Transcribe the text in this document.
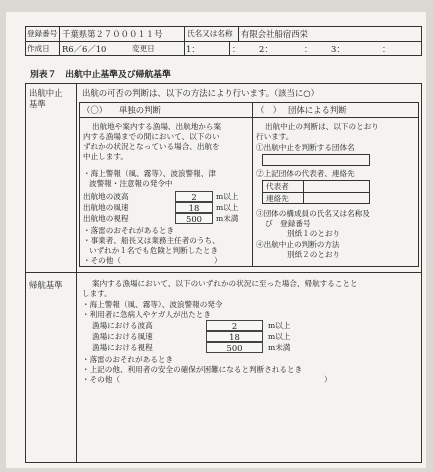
登録番号 千葉県第２７０００１１号	氏名又は名称 有限会社船宿西栄
作成日 R6／6／10	変更日	1：	： 2：	： 3：	：
別表７　出航中止基準及び帰航基準
出航中止
基準
出航の可否の判断は、以下の方法により行います。（該当に○）
（〇） 単独の判断
出航地や案内する漁場、出航地から案
内する漁場までの間において、以下のい
ずれかの状況となっている場合、出航を
中止します。
・海上警報（風、霧等）、波浪警報、津
波警報・注意報の発令中
出航地の波高	2	m以上
出航地の風速	18	m以上
出航地の視程	500	m未満
・落雷のおそれがあるとき
・事業者、船長又は業務主任者のうち、
いずれか１名でも危険と判断したとき
・その他（	）
（　） 団体による判断
出航中止の判断は、以下のとおり
行います。
①出航中止を判断する団体名
②上記団体の代表者、連絡先
代表者
連絡先
③団体の構成員の氏名又は名称及
び　登録番号
別紙１のとおり
④出航中止の判断の方法
別紙２のとおり
帰航基準	案内する漁場において、以下のいずれかの状況に至った場合、帰航することと
します。
・海上警報（風、霧等）、波浪警報の発令
・利用者に急病人やケガ人が出たとき
漁場における波高	2	m以上
漁場における風速	18	m以上
漁場における視程	500	m未満
・落雷のおそれがあるとき
・上記の他、利用者の安全の確保が困難になると判断されるとき
・その他（	）
